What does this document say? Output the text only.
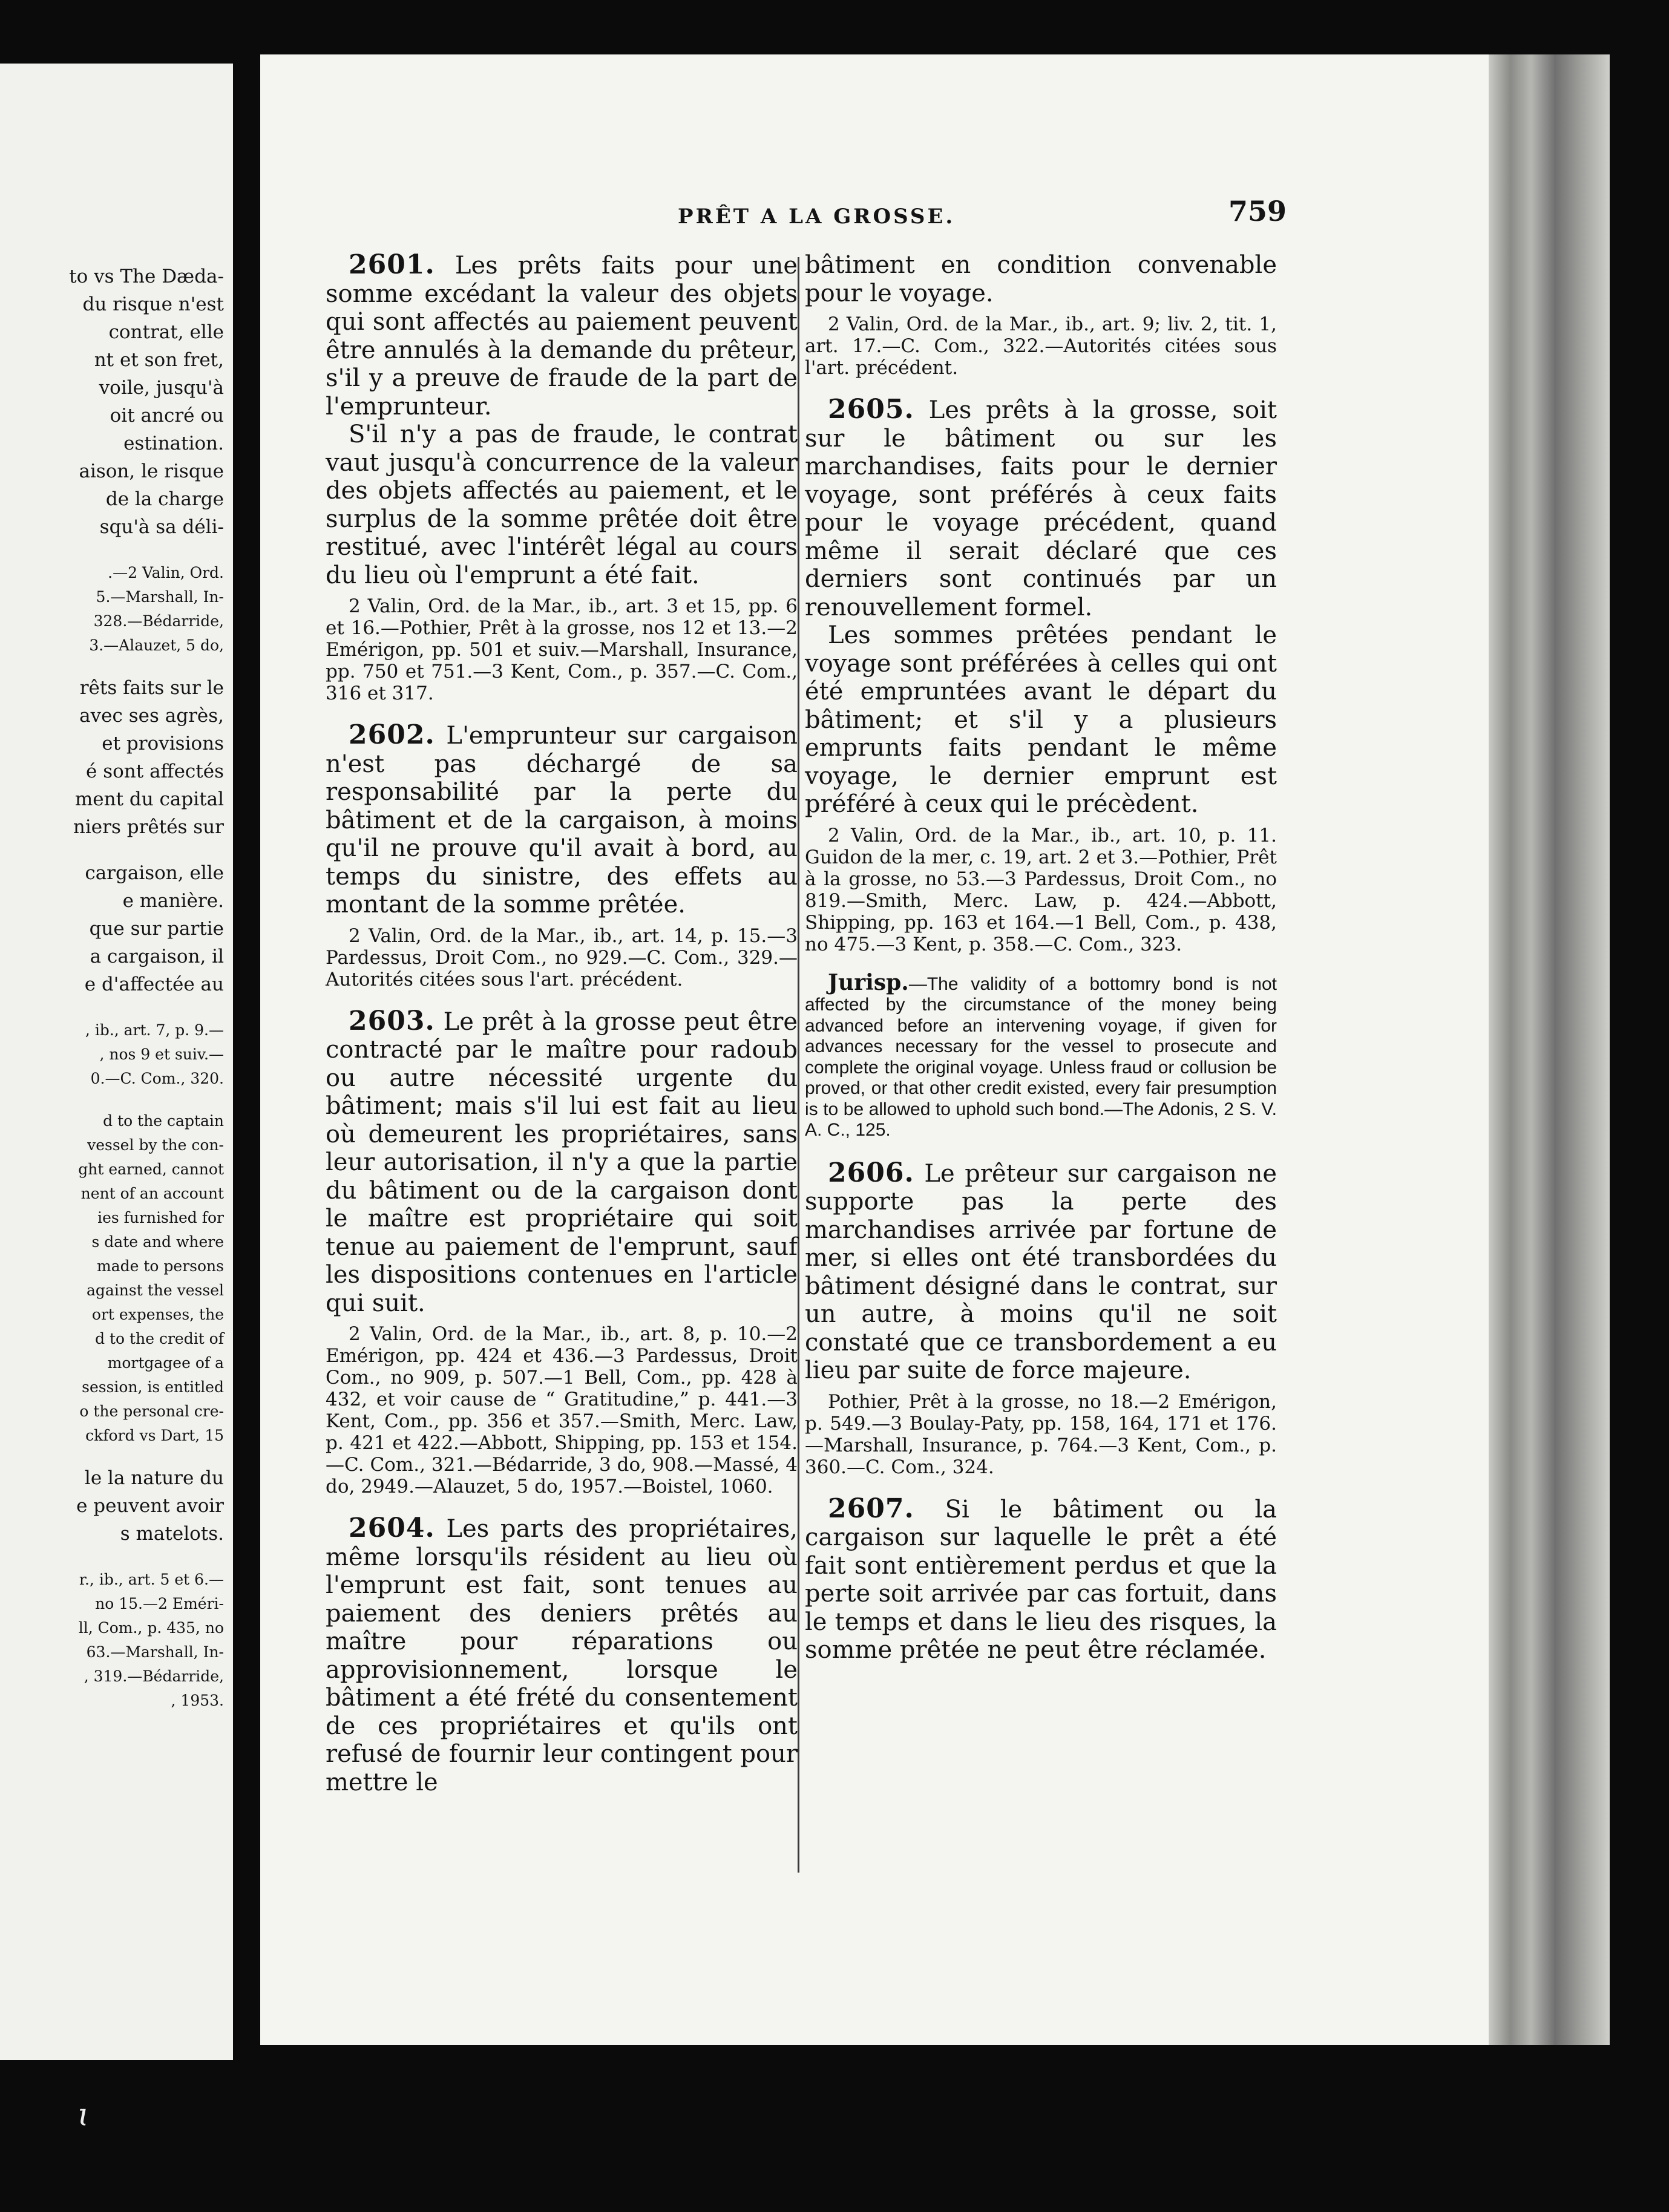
to vs The Dæda-
du risque n'est
contrat, elle
nt et son fret,
voile, jusqu'à
oit ancré ou
estination.
aison, le risque
de la charge
squ'à sa déli-
.—2 Valin, Ord.
5.—Marshall, In-
328.—Bédarride,
3.—Alauzet, 5 do,
rêts faits sur le
avec ses agrès,
et provisions
é sont affectés
ment du capital
niers prêtés sur
cargaison, elle
e manière.
que sur partie
a cargaison, il
e d'affectée au
, ib., art. 7, p. 9.—
, nos 9 et suiv.—
0.—C. Com., 320.
d to the captain
vessel by the con-
ght earned, cannot
nent of an account
ies furnished for
s date and where
made to persons
against the vessel
ort expenses, the
d to the credit of
mortgagee of a
session, is entitled
o the personal cre-
ckford vs Dart, 15
le la nature du
e peuvent avoir
s matelots.
r., ib., art. 5 et 6.—
no 15.—2 Eméri-
ll, Com., p. 435, no
63.—Marshall, In-
, 319.—Bédarride,
, 1953.
PRÊT A LA GROSSE.	759

2601. Les prêts faits pour une somme excédant la valeur des objets qui sont affectés au paiement peuvent être annulés à la demande du prêteur, s'il y a preuve de fraude de la part de l'emprunteur.

S'il n'y a pas de fraude, le contrat vaut jusqu'à concurrence de la valeur des objets affectés au paiement, et le surplus de la somme prêtée doit être restitué, avec l'intérêt légal au cours du lieu où l'emprunt a été fait.

2 Valin, Ord. de la Mar., ib., art. 3 et 15, pp. 6 et 16.—Pothier, Prêt à la grosse, nos 12 et 13.—2 Emérigon, pp. 501 et suiv.—Marshall, Insurance, pp. 750 et 751.—3 Kent, Com., p. 357.—C. Com., 316 et 317.

2602. L'emprunteur sur cargaison n'est pas déchargé de sa responsabilité par la perte du bâtiment et de la cargaison, à moins qu'il ne prouve qu'il avait à bord, au temps du sinistre, des effets au montant de la somme prêtée.

2 Valin, Ord. de la Mar., ib., art. 14, p. 15.—3 Pardessus, Droit Com., no 929.—C. Com., 329.—Autorités citées sous l'art. précédent.

2603. Le prêt à la grosse peut être contracté par le maître pour radoub ou autre nécessité urgente du bâtiment; mais s'il lui est fait au lieu où demeurent les propriétaires, sans leur autorisation, il n'y a que la partie du bâtiment ou de la cargaison dont le maître est propriétaire qui soit tenue au paiement de l'emprunt, sauf les dispositions contenues en l'article qui suit.

2 Valin, Ord. de la Mar., ib., art. 8, p. 10.—2 Emérigon, pp. 424 et 436.—3 Pardessus, Droit Com., no 909, p. 507.—1 Bell, Com., pp. 428 à 432, et voir cause de “ Gratitudine,” p. 441.—3 Kent, Com., pp. 356 et 357.—Smith, Merc. Law, p. 421 et 422.—Abbott, Shipping, pp. 153 et 154.—C. Com., 321.—Bédarride, 3 do, 908.—Massé, 4 do, 2949.—Alauzet, 5 do, 1957.—Boistel, 1060.

2604. Les parts des propriétaires, même lorsqu'ils résident au lieu où l'emprunt est fait, sont tenues au paiement des deniers prêtés au maître pour réparations ou approvisionnement, lorsque le bâtiment a été frété du consentement de ces propriétaires et qu'ils ont refusé de fournir leur contingent pour mettre le

bâtiment en condition convenable pour le voyage.

2 Valin, Ord. de la Mar., ib., art. 9; liv. 2, tit. 1, art. 17.—C. Com., 322.—Autorités citées sous l'art. précédent.

2605. Les prêts à la grosse, soit sur le bâtiment ou sur les marchandises, faits pour le dernier voyage, sont préférés à ceux faits pour le voyage précédent, quand même il serait déclaré que ces derniers sont continués par un renouvellement formel.

Les sommes prêtées pendant le voyage sont préférées à celles qui ont été empruntées avant le départ du bâtiment; et s'il y a plusieurs emprunts faits pendant le même voyage, le dernier emprunt est préféré à ceux qui le précèdent.

2 Valin, Ord. de la Mar., ib., art. 10, p. 11. Guidon de la mer, c. 19, art. 2 et 3.—Pothier, Prêt à la grosse, no 53.—3 Pardessus, Droit Com., no 819.—Smith, Merc. Law, p. 424.—Abbott, Shipping, pp. 163 et 164.—1 Bell, Com., p. 438, no 475.—3 Kent, p. 358.—C. Com., 323.

Jurisp.—The validity of a bottomry bond is not affected by the circumstance of the money being advanced before an intervening voyage, if given for advances necessary for the vessel to prosecute and complete the original voyage. Unless fraud or collusion be proved, or that other credit existed, every fair presumption is to be allowed to uphold such bond.—The Adonis, 2 S. V. A. C., 125.

2606. Le prêteur sur cargaison ne supporte pas la perte des marchandises arrivée par fortune de mer, si elles ont été transbordées du bâtiment désigné dans le contrat, sur un autre, à moins qu'il ne soit constaté que ce transbordement a eu lieu par suite de force majeure.

Pothier, Prêt à la grosse, no 18.—2 Emérigon, p. 549.—3 Boulay-Paty, pp. 158, 164, 171 et 176.—Marshall, Insurance, p. 764.—3 Kent, Com., p. 360.—C. Com., 324.

2607. Si le bâtiment ou la cargaison sur laquelle le prêt a été fait sont entièrement perdus et que la perte soit arrivée par cas fortuit, dans le temps et dans le lieu des risques, la somme prêtée ne peut être réclamée.

ɩ
